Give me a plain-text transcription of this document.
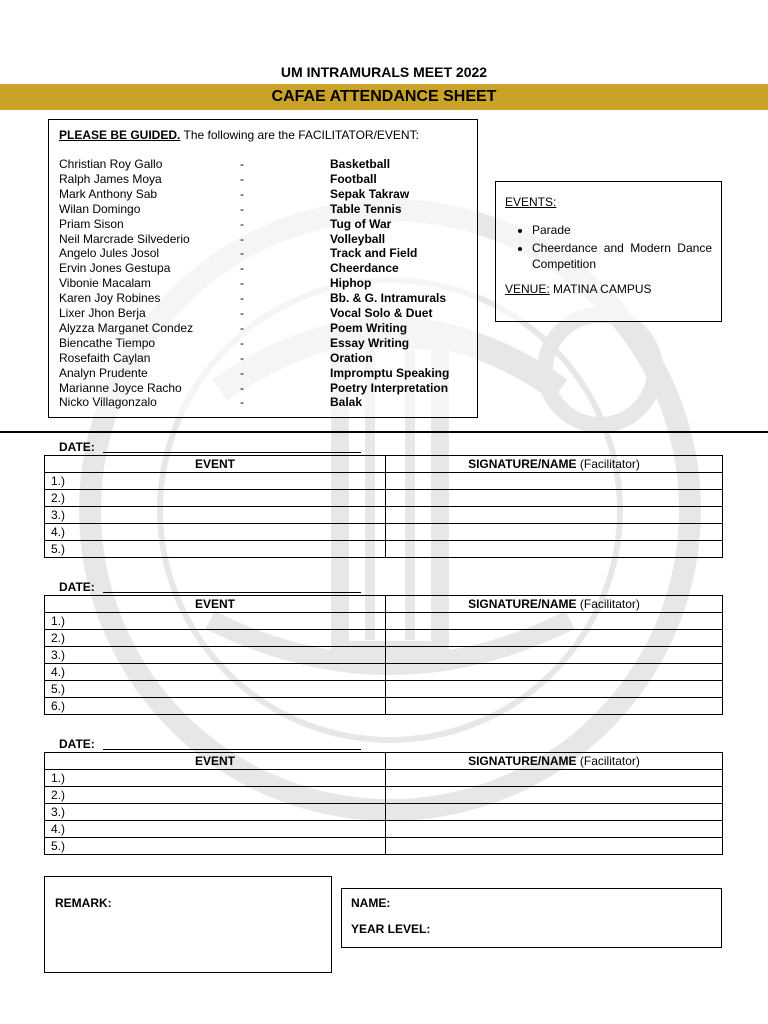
UM INTRAMURALS MEET 2022
CAFAE ATTENDANCE SHEET
PLEASE BE GUIDED. The following are the FACILITATOR/EVENT:
Christian Roy Gallo	-	Basketball
Ralph James Moya	-	Football
Mark Anthony Sab	-	Sepak Takraw
Wilan Domingo	-	Table Tennis
Priam Sison	-	Tug of War
Neil Marcrade Silvederio	-	Volleyball
Angelo Jules Josol	-	Track and Field
Ervin Jones Gestupa	-	Cheerdance
Vibonie Macalam	-	Hiphop
Karen Joy Robines	-	Bb. & G. Intramurals
Lixer Jhon Berja	-	Vocal Solo & Duet
Alyzza Marganet Condez	-	Poem Writing
Biencathe Tiempo	-	Essay Writing
Rosefaith Caylan	-	Oration
Analyn Prudente	-	Impromptu Speaking
Marianne Joyce Racho	-	Poetry Interpretation
Nicko Villagonzalo	-	Balak
EVENTS:
• Parade
• Cheerdance and Modern Dance Competition
VENUE: MATINA CAMPUS
DATE:
EVENT	SIGNATURE/NAME (Facilitator)
1.)	
2.)	
3.)	
4.)	
5.)	
DATE:
EVENT	SIGNATURE/NAME (Facilitator)
1.)	
2.)	
3.)	
4.)	
5.)	
6.)	
DATE:
EVENT	SIGNATURE/NAME (Facilitator)
1.)	
2.)	
3.)	
4.)	
5.)	
REMARK:	NAME:
YEAR LEVEL:
